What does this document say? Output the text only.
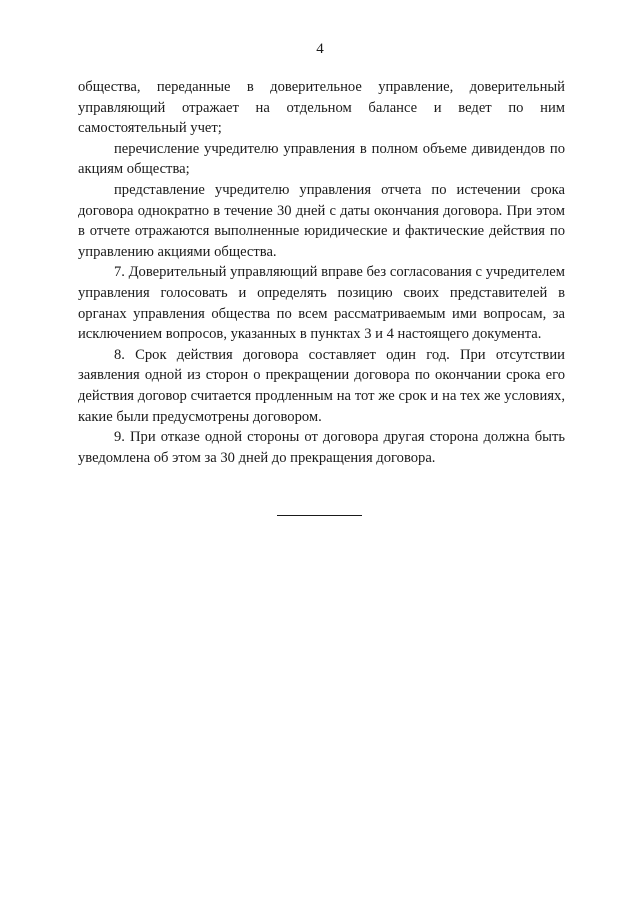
4

общества, переданные в доверительное управление, доверительный управляющий отражает на отдельном балансе и ведет по ним самостоятельный учет;

перечисление учредителю управления в полном объеме дивидендов по акциям общества;

представление учредителю управления отчета по истечении срока договора однократно в течение 30 дней с даты окончания договора. При этом в отчете отражаются выполненные юридические и фактические действия по управлению акциями общества.

7. Доверительный управляющий вправе без согласования с учредителем управления голосовать и определять позицию своих представителей в органах управления общества по всем рассматриваемым ими вопросам, за исключением вопросов, указанных в пунктах 3 и 4 настоящего документа.

8. Срок действия договора составляет один год. При отсутствии заявления одной из сторон о прекращении договора по окончании срока его действия договор считается продленным на тот же срок и на тех же условиях, какие были предусмотрены договором.

9. При отказе одной стороны от договора другая сторона должна быть уведомлена об этом за 30 дней до прекращения договора.
